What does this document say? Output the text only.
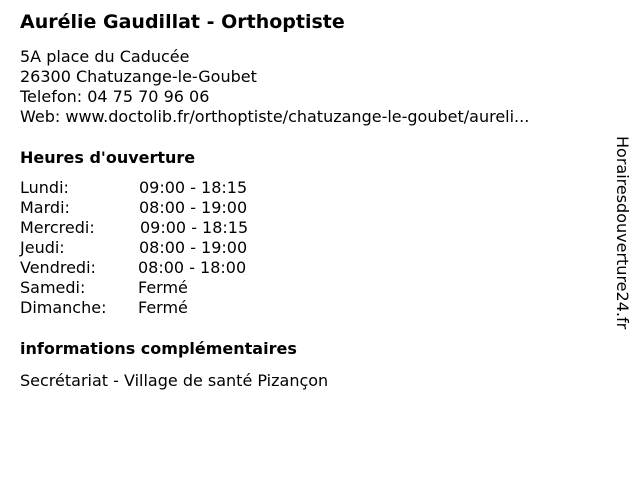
Aurélie Gaudillat - Orthoptiste
5A place du Caducée
26300 Chatuzange-le-Goubet
Telefon: 04 75 70 96 06
Web: www.doctolib.fr/orthoptiste/chatuzange-le-goubet/aureli...
Heures d'ouverture
Lundi:	09:00 - 18:15
Mardi:	08:00 - 19:00
Mercredi:	09:00 - 18:15
Jeudi:	08:00 - 19:00
Vendredi:	08:00 - 18:00
Samedi:	Fermé
Dimanche:	Fermé
informations complémentaires
Secrétariat - Village de santé Pizançon
Horairesdouverture24.fr
